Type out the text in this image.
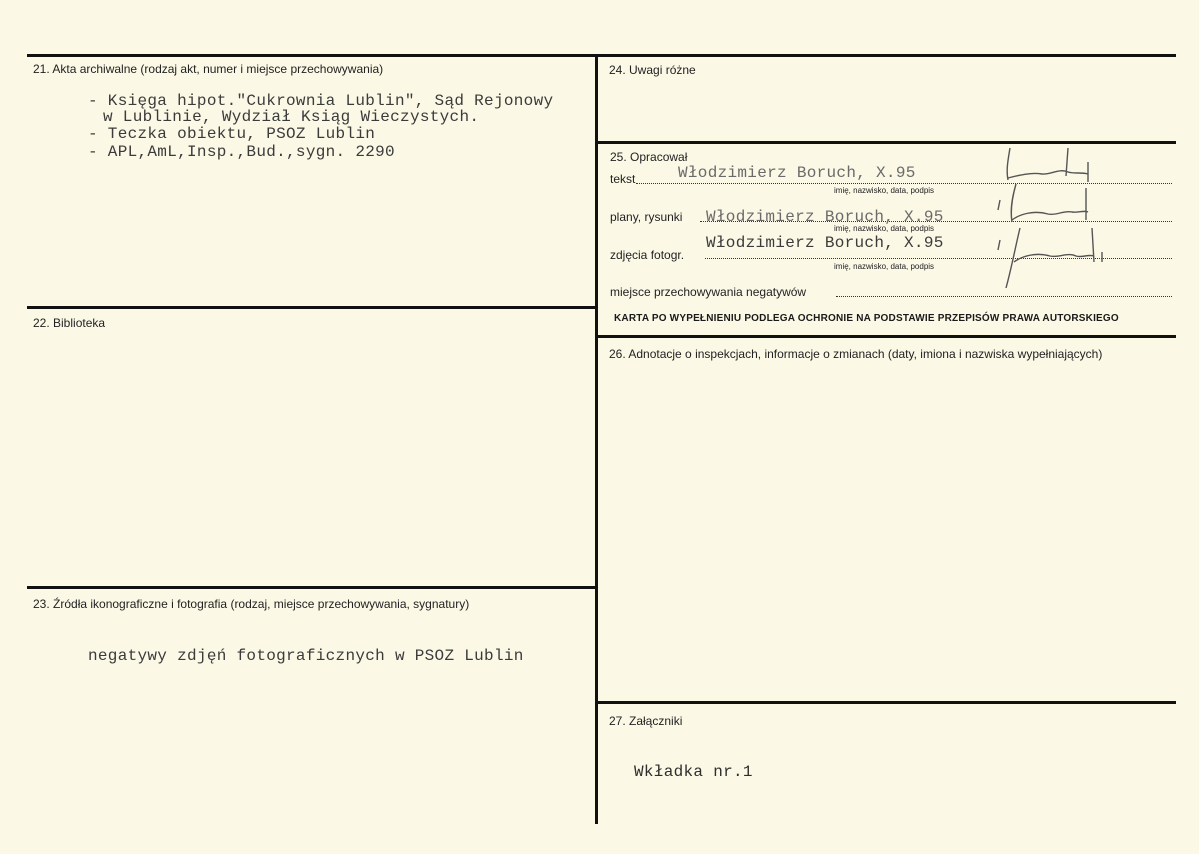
21. Akta archiwalne (rodzaj akt, numer i miejsce przechowywania)
- Księga hipot."Cukrownia Lublin", Sąd Rejonowy
w Lublinie, Wydział Ksiąg Wieczystych.
- Teczka obiektu, PSOZ Lublin
- APL,AmL,Insp.,Bud.,sygn. 2290
22. Biblioteka
23. Źródła ikonograficzne i fotografia (rodzaj, miejsce przechowywania, sygnatury)
negatywy zdjęń fotograficznych w PSOZ Lublin
24. Uwagi różne
25. Opracował
tekst	Włodzimierz Boruch, X.95
imię, nazwisko, data, podpis
plany, rysunki Włodzimierz Boruch, X.95
imię, nazwisko, data, podpis
zdjęcia fotogr.
Włodzimierz Boruch, X.95
imię, nazwisko, data, podpis
miejsce przechowywania negatywów
KARTA PO WYPEŁNIENIU PODLEGA OCHRONIE NA PODSTAWIE PRZEPISÓW PRAWA AUTORSKIEGO
26. Adnotacje o inspekcjach, informacje o zmianach (daty, imiona i nazwiska wypełniających)
27. Załączniki
Wkładka nr.1
